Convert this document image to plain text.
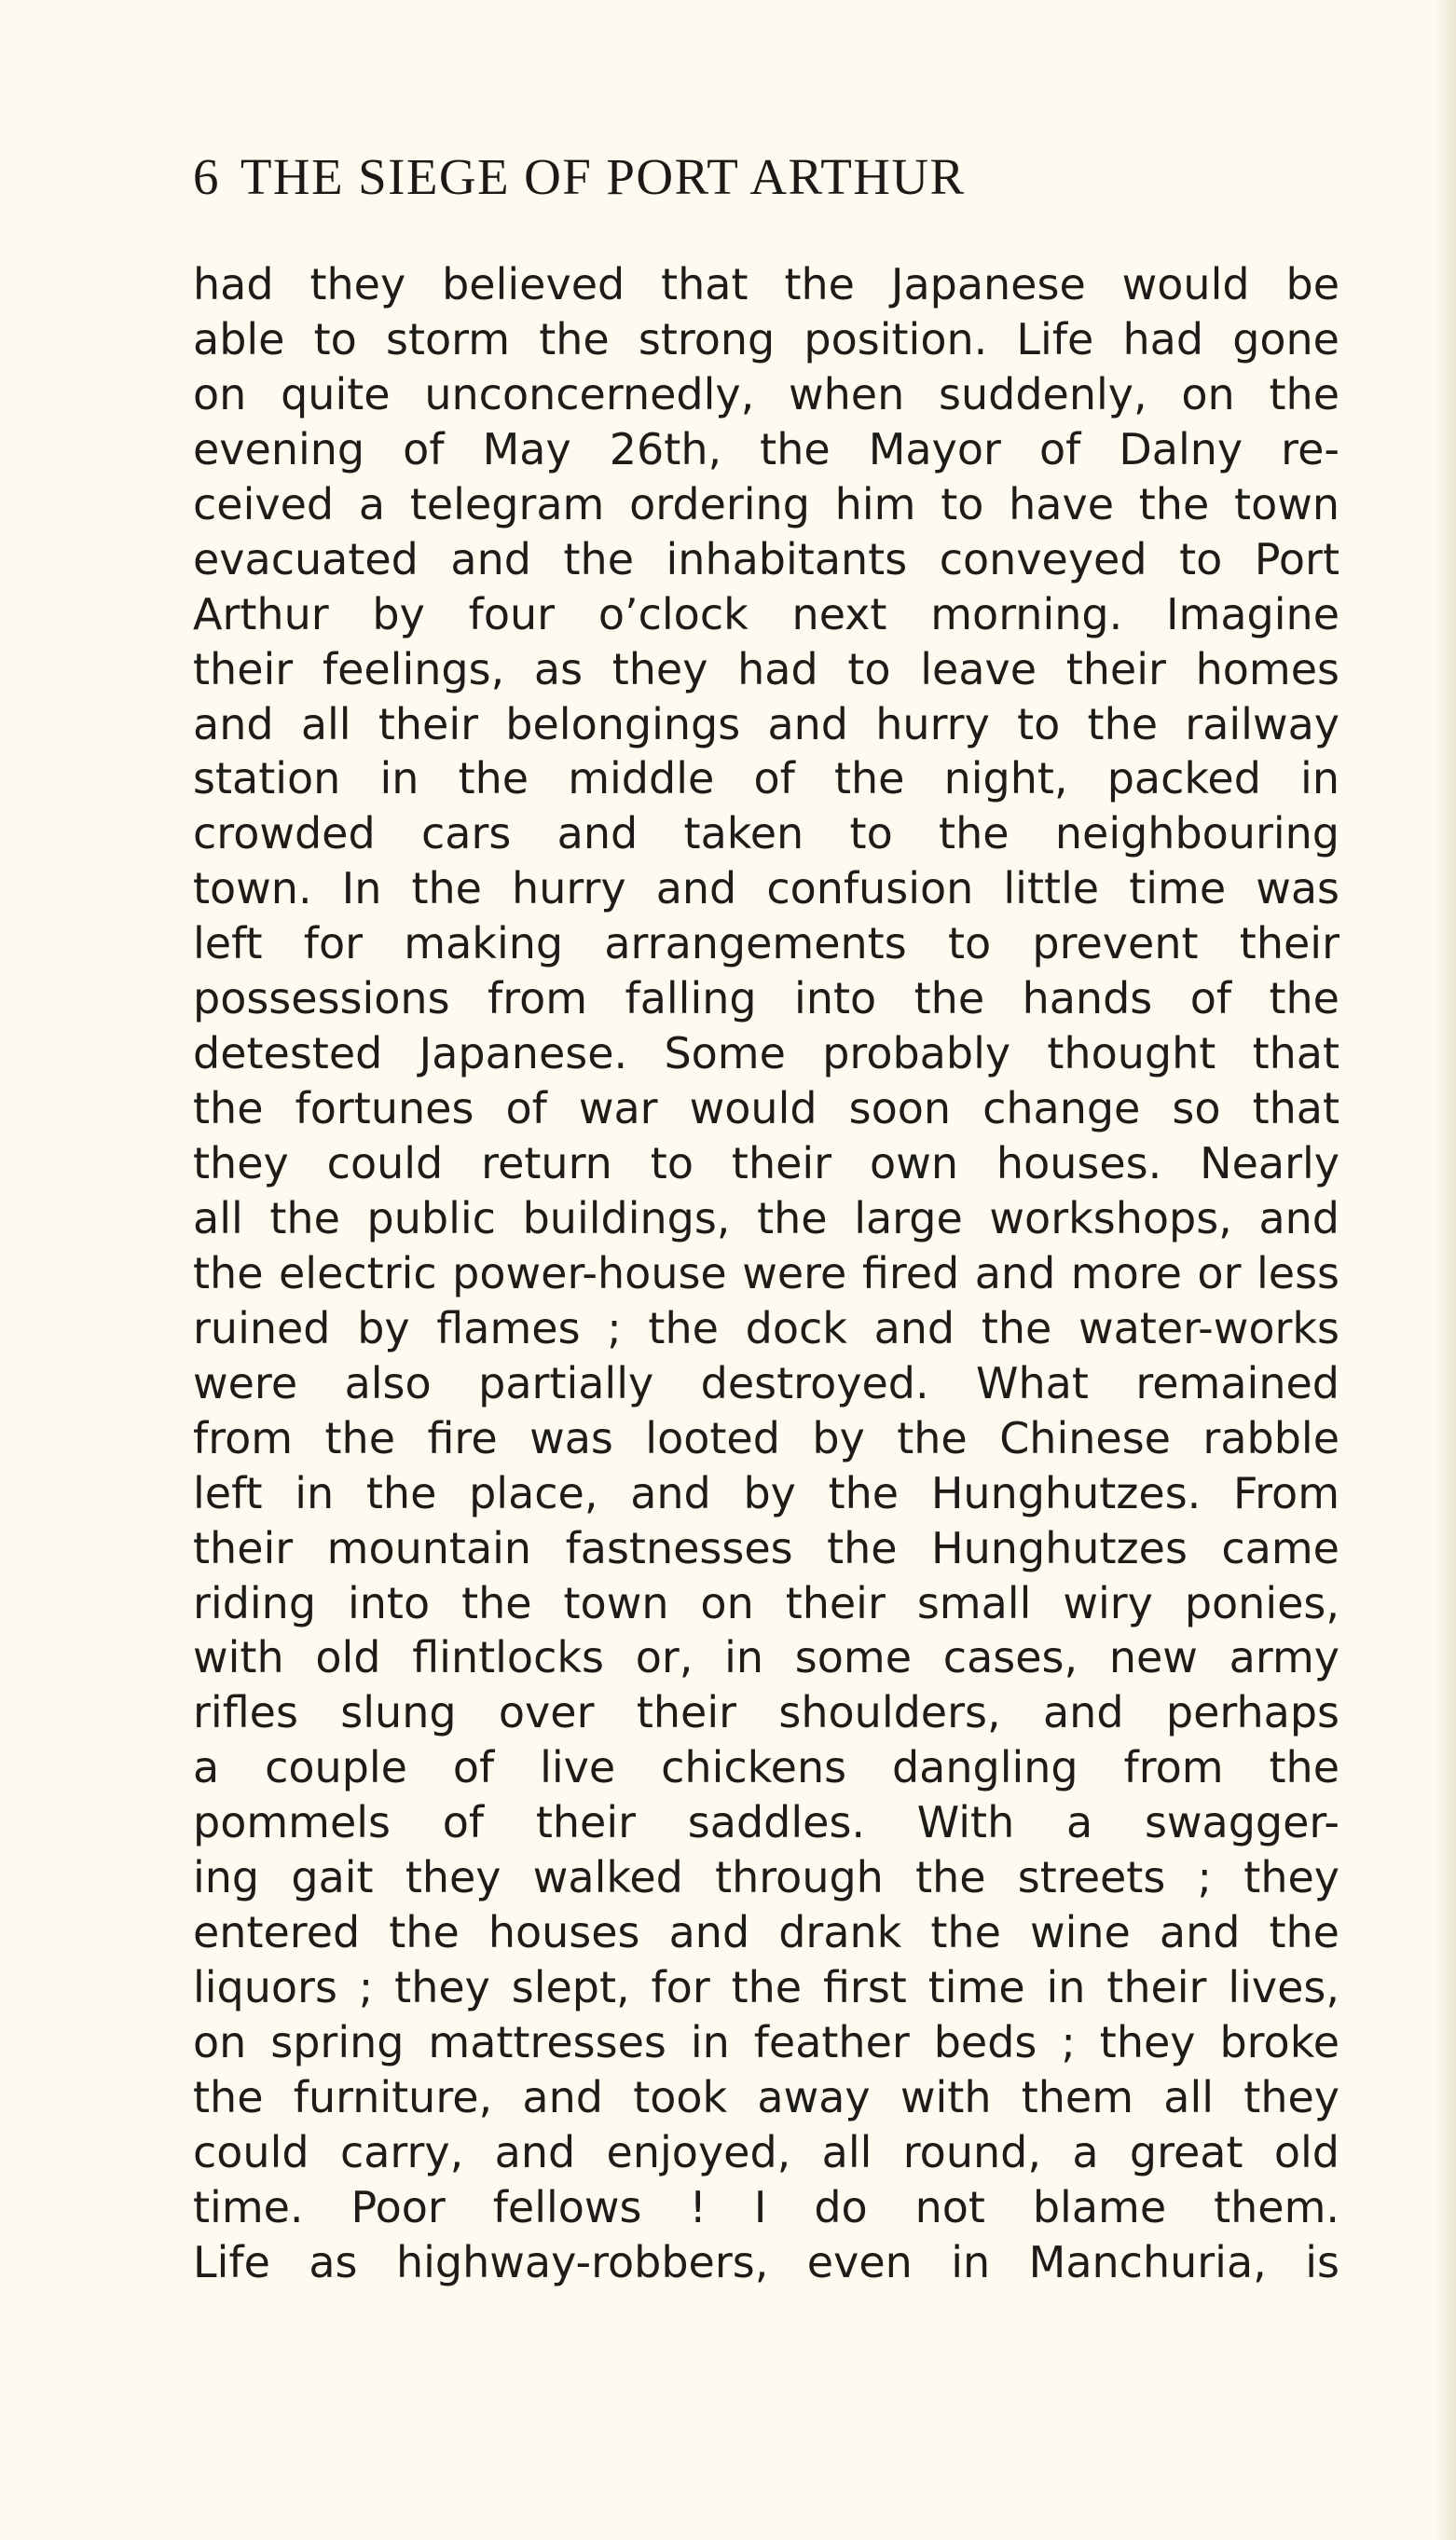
6 THE SIEGE OF PORT ARTHUR
had they believed that the Japanese would be
able to storm the strong position. Life had gone
on quite unconcernedly, when suddenly, on the
evening of May 26th, the Mayor of Dalny re-
ceived a telegram ordering him to have the town
evacuated and the inhabitants conveyed to Port
Arthur by four o’clock next morning. Imagine
their feelings, as they had to leave their homes
and all their belongings and hurry to the railway
station in the middle of the night, packed in
crowded cars and taken to the neighbouring
town. In the hurry and confusion little time was
left for making arrangements to prevent their
possessions from falling into the hands of the
detested Japanese. Some probably thought that
the fortunes of war would soon change so that
they could return to their own houses. Nearly
all the public buildings, the large workshops, and
the electric power-house were fired and more or less
ruined by flames ; the dock and the water-works
were also partially destroyed. What remained
from the fire was looted by the Chinese rabble
left in the place, and by the Hunghutzes. From
their mountain fastnesses the Hunghutzes came
riding into the town on their small wiry ponies,
with old flintlocks or, in some cases, new army
rifles slung over their shoulders, and perhaps
a couple of live chickens dangling from the
pommels of their saddles. With a swagger-
ing gait they walked through the streets ; they
entered the houses and drank the wine and the
liquors ; they slept, for the first time in their lives,
on spring mattresses in feather beds ; they broke
the furniture, and took away with them all they
could carry, and enjoyed, all round, a great old
time. Poor fellows ! I do not blame them.
Life as highway-robbers, even in Manchuria, is
